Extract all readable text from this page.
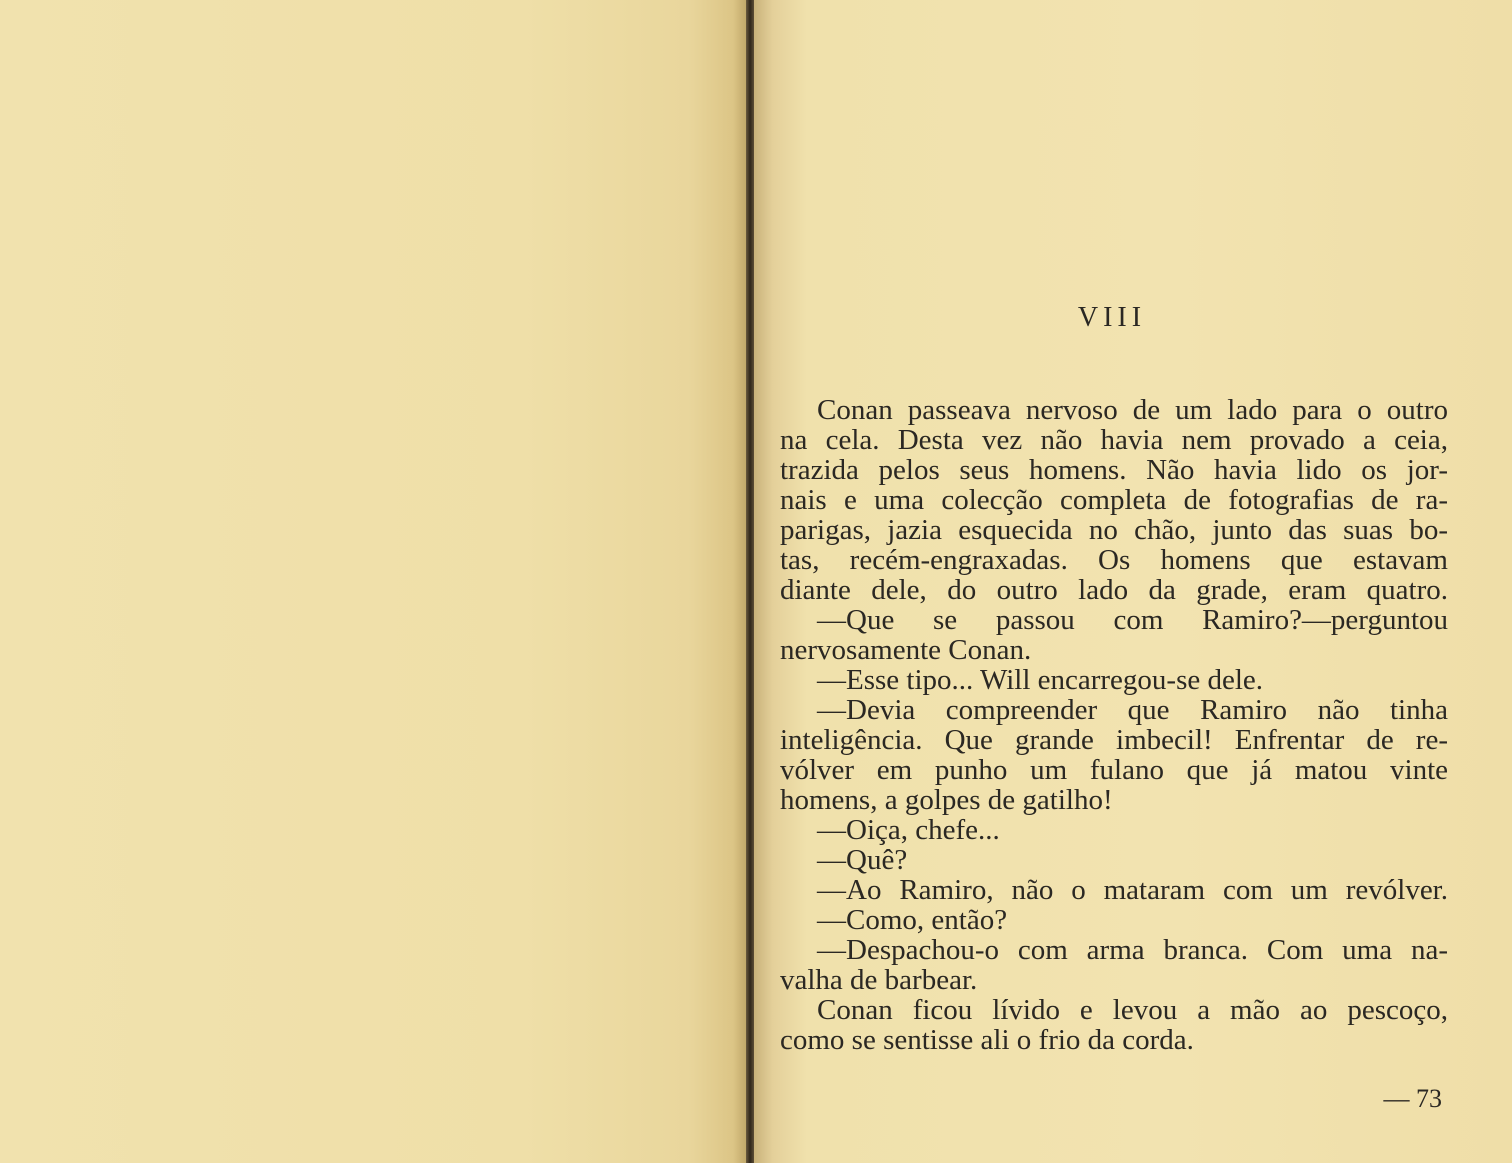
VIII
Conan passeava nervoso de um lado para o outro
na cela. Desta vez não havia nem provado a ceia,
trazida pelos seus homens. Não havia lido os jor-
nais e uma colecção completa de fotografias de ra-
parigas, jazia esquecida no chão, junto das suas bo-
tas, recém-engraxadas. Os homens que estavam
diante dele, do outro lado da grade, eram quatro.
—Que se passou com Ramiro?—perguntou
nervosamente Conan.
—Esse tipo... Will encarregou-se dele.
—Devia compreender que Ramiro não tinha
inteligência. Que grande imbecil! Enfrentar de re-
vólver em punho um fulano que já matou vinte
homens, a golpes de gatilho!
—Oiça, chefe...
—Quê?
—Ao Ramiro, não o mataram com um revólver.
—Como, então?
—Despachou-o com arma branca. Com uma na-
valha de barbear.
Conan ficou lívido e levou a mão ao pescoço,
como se sentisse ali o frio da corda.
— 73
